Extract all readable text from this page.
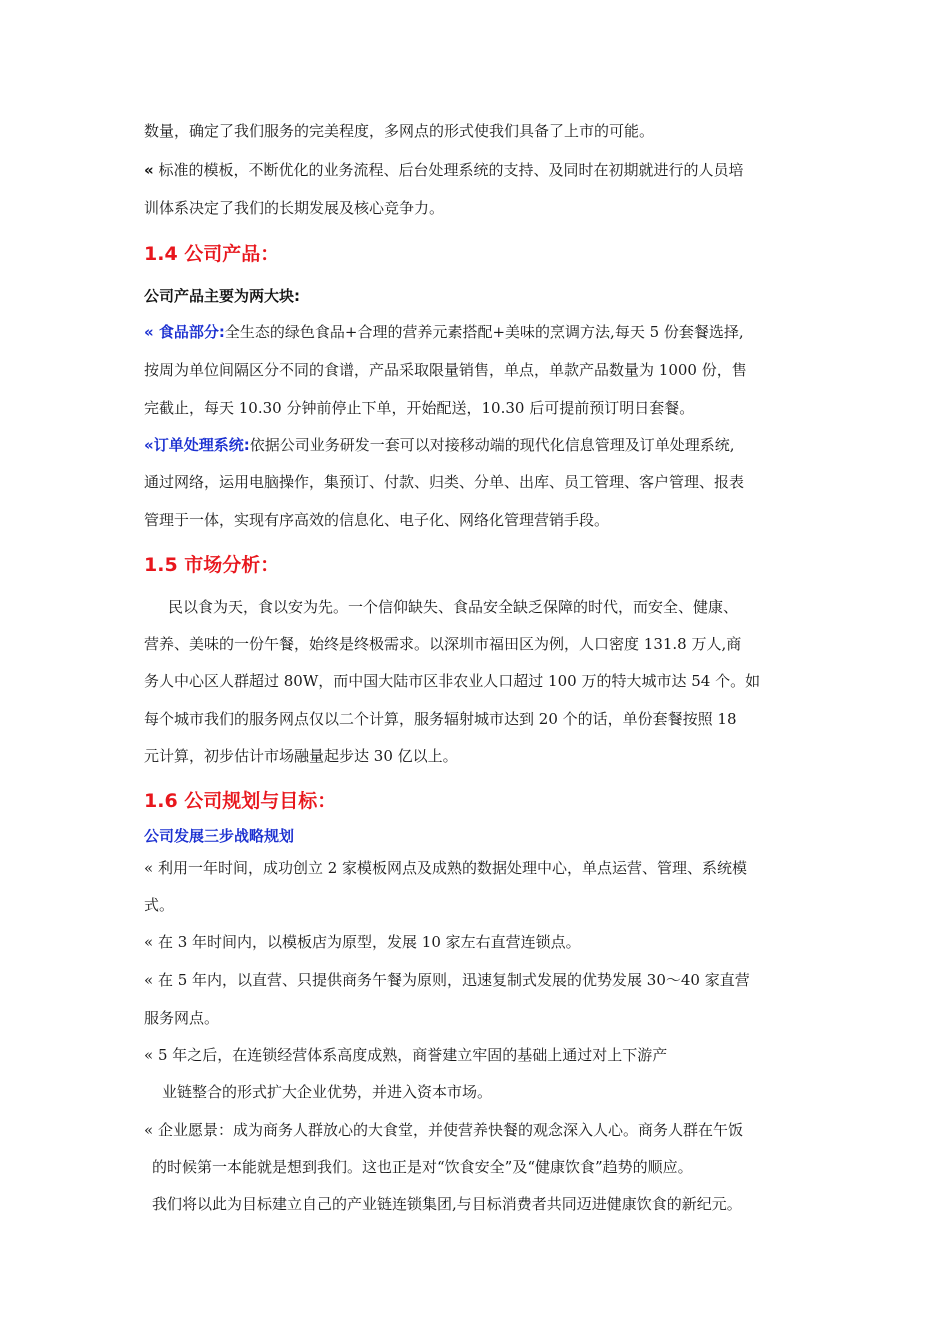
数量，确定了我们服务的完美程度，多网点的形式使我们具备了上市的可能。
« 标准的模板，不断优化的业务流程、后台处理系统的支持、及同时在初期就进行的人员培
训体系决定了我们的长期发展及核心竞争力。
1.4 公司产品：
公司产品主要为两大块:
« 食品部分:全生态的绿色食品+合理的营养元素搭配+美味的烹调方法,每天 5 份套餐选择,
按周为单位间隔区分不同的食谱，产品采取限量销售，单点，单款产品数量为 1000 份，售
完截止，每天 10.30 分钟前停止下单，开始配送，10.30 后可提前预订明日套餐。
«订单处理系统:依据公司业务研发一套可以对接移动端的现代化信息管理及订单处理系统,
通过网络，运用电脑操作，集预订、付款、归类、分单、出库、员工管理、客户管理、报表
管理于一体，实现有序高效的信息化、电子化、网络化管理营销手段。
1.5 市场分析：
民以食为天，食以安为先。一个信仰缺失、食品安全缺乏保障的时代，而安全、健康、
营养、美味的一份午餐，始终是终极需求。以深圳市福田区为例，人口密度 131.8 万人,商
务人中心区人群超过 80W，而中国大陆市区非农业人口超过 100 万的特大城市达 54 个。如
每个城市我们的服务网点仅以二个计算，服务辐射城市达到 20 个的话，单份套餐按照 18
元计算，初步估计市场融量起步达 30 亿以上。
1.6 公司规划与目标：
公司发展三步战略规划
« 利用一年时间，成功创立 2 家模板网点及成熟的数据处理中心，单点运营、管理、系统模
式。
« 在 3 年时间内，以模板店为原型，发展 10 家左右直营连锁点。
« 在 5 年内，以直营、只提供商务午餐为原则，迅速复制式发展的优势发展 30～40 家直营
服务网点。
« 5 年之后，在连锁经营体系高度成熟，商誉建立牢固的基础上通过对上下游产
业链整合的形式扩大企业优势，并进入资本市场。
« 企业愿景：成为商务人群放心的大食堂，并使营养快餐的观念深入人心。商务人群在午饭
的时候第一本能就是想到我们。这也正是对“饮食安全”及“健康饮食”趋势的顺应。
我们将以此为目标建立自己的产业链连锁集团,与目标消费者共同迈进健康饮食的新纪元。
